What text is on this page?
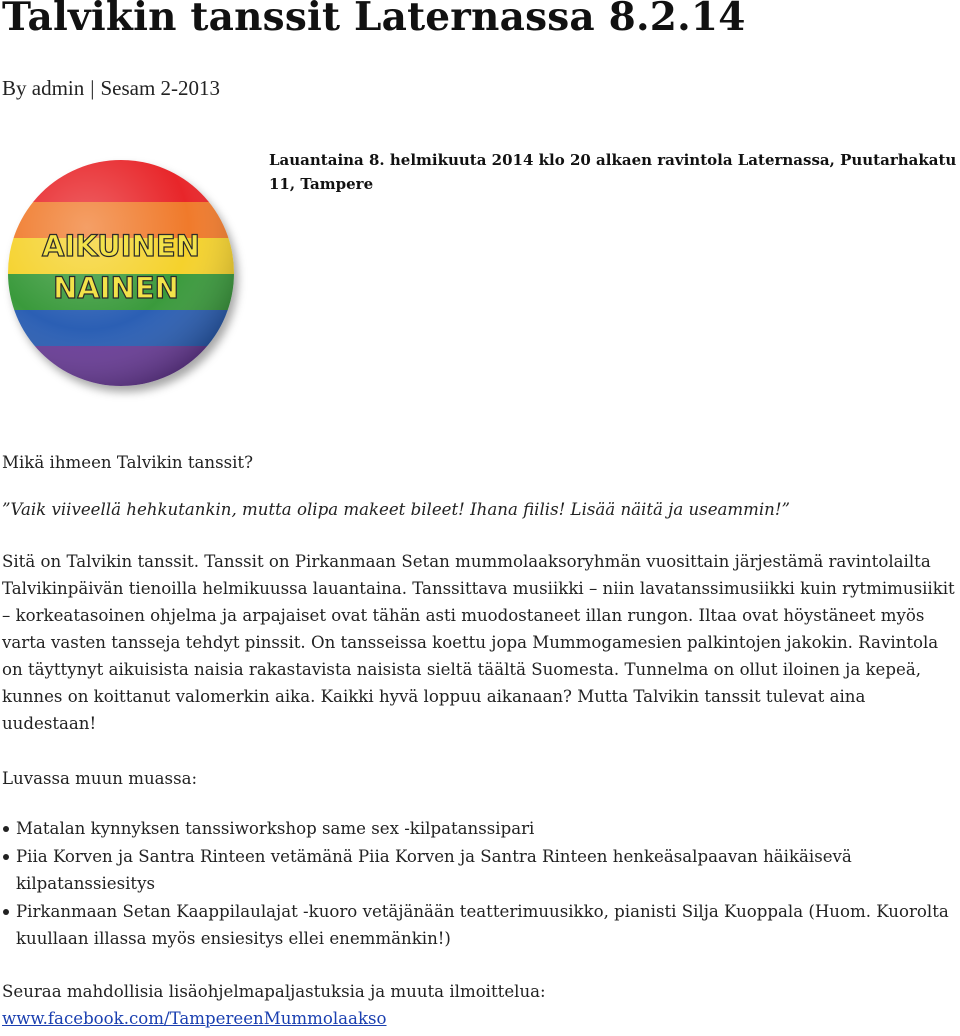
Talvikin tanssit Laternassa 8.2.14
By admin | Sesam 2-2013
Lauantaina 8. helmikuuta 2014 klo 20 alkaen ravintola Laternassa, Puutarhakatu 11, Tampere
AIKUINEN
NAINEN
Mikä ihmeen Talvikin tanssit?
”Vaik viiveellä hehkutankin, mutta olipa makeet bileet! Ihana fiilis! Lisää näitä ja useammin!”
Sitä on Talvikin tanssit. Tanssit on Pirkanmaan Setan mummolaaksoryhmän vuosittain järjestämä ravintolailta Talvikinpäivän tienoilla helmikuussa lauantaina. Tanssittava musiikki – niin lavatanssimusiikki kuin rytmimusiikit – korkeatasoinen ohjelma ja arpajaiset ovat tähän asti muodostaneet illan rungon. Iltaa ovat höystäneet myös varta vasten tansseja tehdyt pinssit. On tansseissa koettu jopa Mummogamesien palkintojen jakokin. Ravintola on täyttynyt aikuisista naisia rakastavista naisista sieltä täältä Suomesta. Tunnelma on ollut iloinen ja kepeä, kunnes on koittanut valomerkin aika. Kaikki hyvä loppuu aikanaan? Mutta Talvikin tanssit tulevat aina uudestaan!
Luvassa muun muassa:
Matalan kynnyksen tanssiworkshop same sex -kilpatanssipari
Piia Korven ja Santra Rinteen vetämänä Piia Korven ja Santra Rinteen henkeäsalpaavan häikäisevä kilpatanssiesitys
Pirkanmaan Setan Kaappilaulajat -kuoro vetäjänään teatterimuusikko, pianisti Silja Kuoppala (Huom. Kuorolta kuullaan illassa myös ensiesitys ellei enemmänkin!)
Seuraa mahdollisia lisäohjelmapaljastuksia ja muuta ilmoittelua:
www.facebook.com/TampereenMummolaakso
